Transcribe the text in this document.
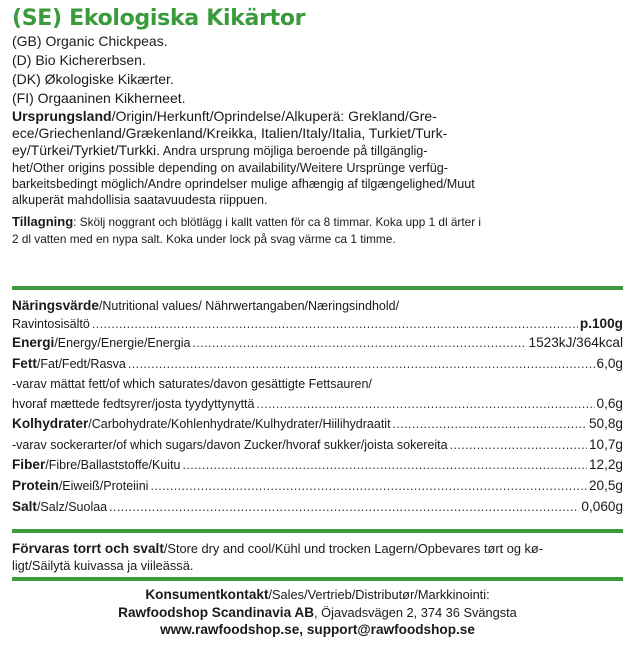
(SE) Ekologiska Kikärtor
(GB) Organic Chickpeas.
(D) Bio Kichererbsen.
(DK) Økologiske Kikærter.
(FI) Orgaaninen Kikherneet.
Ursprungsland/Origin/Herkunft/Oprindelse/Alkuperä: Grekland/Gre-
ece/Griechenland/Grækenland/Kreikka, Italien/Italy/Italia, Turkiet/Turk-
ey/Türkei/Tyrkiet/Turkki. Andra ursprung möjliga beroende på tillgänglig-
het/Other origins possible depending on availability/Weitere Ursprünge verfüg-
barkeitsbedingt möglich/Andre oprindelser mulige afhængig af tilgængelighed/Muut
alkuperät mahdollisia saatavuudesta riippuen.
Tillagning: Skölj noggrant och blötlägg i kallt vatten för ca 8 timmar. Koka upp 1 dl ärter i
2 dl vatten med en nypa salt. Koka under lock på svag värme ca 1 timme.
Näringsvärde/Nutritional values/ Nährwertangaben/Næringsindhold/
Ravintosisältö .....	p.100g
Energi/Energy/Energie/Energia .....	1523kJ/364kcal
Fett/Fat/Fedt/Rasva .....	6,0g
-varav mättat fett/of which saturates/davon gesättigte Fettsauren/
hvoraf mættede fedtsyrer/josta tyydyttynyttä .....	0,6g
Kolhydrater/Carbohydrate/Kohlenhydrate/Kulhydrater/Hiilihydraatit .....	50,8g
-varav sockerarter/of which sugars/davon Zucker/hvoraf sukker/joista sokereita .....	10,7g
Fiber/Fibre/Ballaststoffe/Kuitu .....	12,2g
Protein/Eiweiß/Proteiini .....	20,5g
Salt/Salz/Suolaa .....	0,060g
Förvaras torrt och svalt/Store dry and cool/Kühl und trocken Lagern/Opbevares tørt og kø-
ligt/Säilytä kuivassa ja viileässä.
Konsumentkontakt/Sales/Vertrieb/Distributør/Markkinointi:
Rawfoodshop Scandinavia AB, Öjavadsvägen 2, 374 36 Svängsta
www.rawfoodshop.se, support@rawfoodshop.se
